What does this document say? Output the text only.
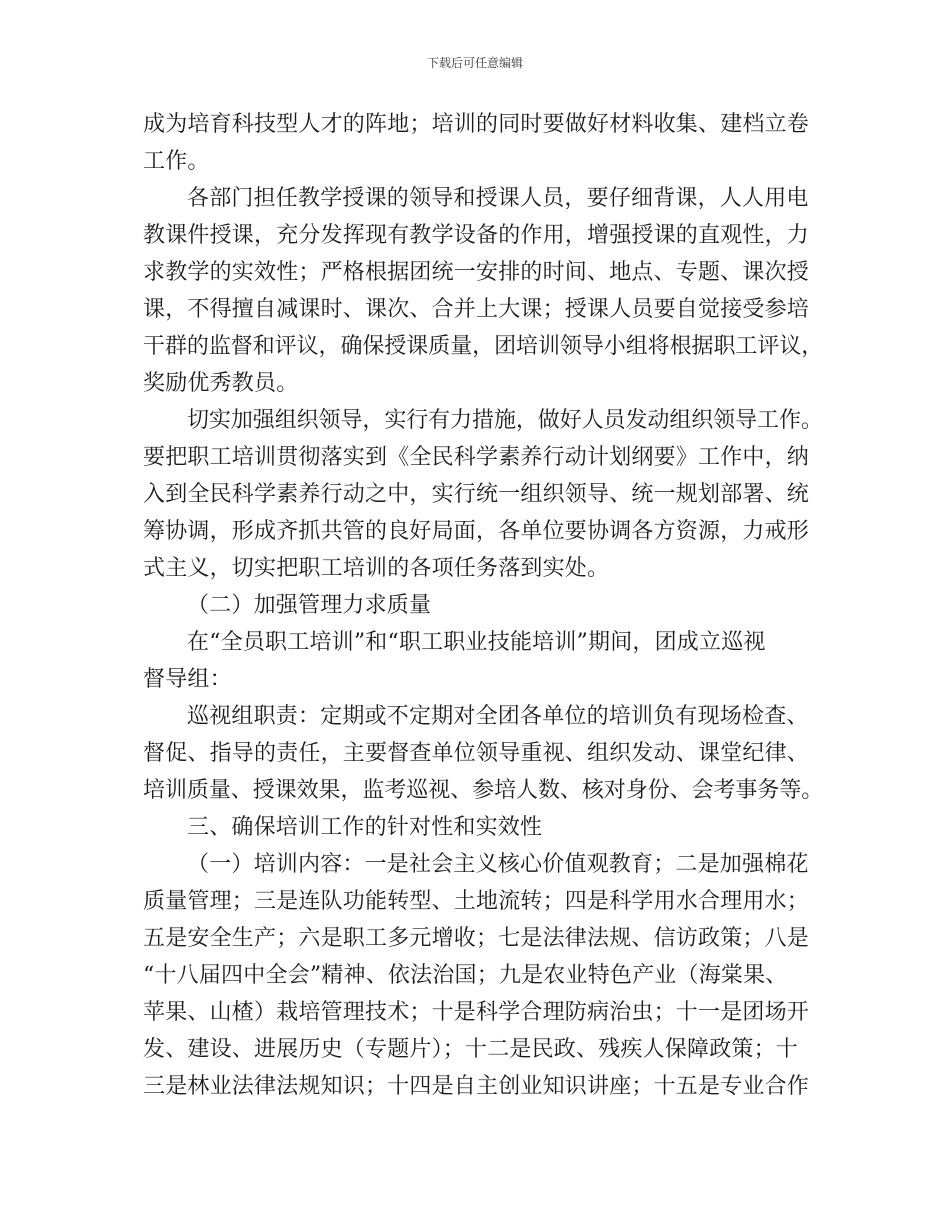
下载后可任意编辑
成为培育科技型人才的阵地；培训的同时要做好材料收集、建档立卷
工作。
各部门担任教学授课的领导和授课人员，要仔细背课，人人用电
教课件授课，充分发挥现有教学设备的作用，增强授课的直观性，力
求教学的实效性；严格根据团统一安排的时间、地点、专题、课次授
课，不得擅自减课时、课次、合并上大课；授课人员要自觉接受参培
干群的监督和评议，确保授课质量，团培训领导小组将根据职工评议，
奖励优秀教员。
切实加强组织领导，实行有力措施，做好人员发动组织领导工作。
要把职工培训贯彻落实到《全民科学素养行动计划纲要》工作中，纳
入到全民科学素养行动之中，实行统一组织领导、统一规划部署、统
筹协调，形成齐抓共管的良好局面，各单位要协调各方资源，力戒形
式主义，切实把职工培训的各项任务落到实处。
（二）加强管理力求质量
在“全员职工培训”和“职工职业技能培训”期间，团成立巡视
督导组：
巡视组职责：定期或不定期对全团各单位的培训负有现场检查、
督促、指导的责任，主要督查单位领导重视、组织发动、课堂纪律、
培训质量、授课效果，监考巡视、参培人数、核对身份、会考事务等。
三、确保培训工作的针对性和实效性
（一）培训内容：一是社会主义核心价值观教育；二是加强棉花
质量管理；三是连队功能转型、土地流转；四是科学用水合理用水；
五是安全生产；六是职工多元增收；七是法律法规、信访政策；八是
“十八届四中全会”精神、依法治国；九是农业特色产业（海棠果、
苹果、山楂）栽培管理技术；十是科学合理防病治虫；十一是团场开
发、建设、进展历史（专题片）；十二是民政、残疾人保障政策；十
三是林业法律法规知识；十四是自主创业知识讲座；十五是专业合作
